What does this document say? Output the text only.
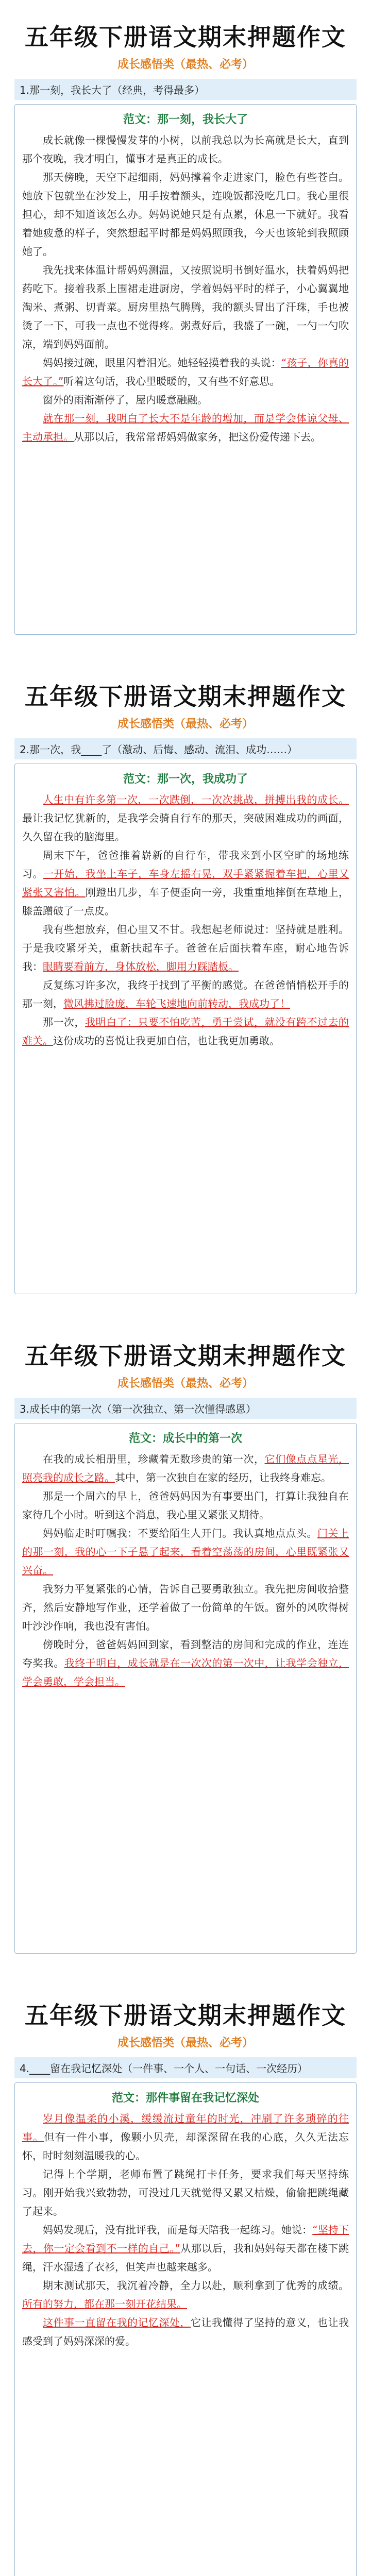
五年级下册语文期末押题作文
成长感悟类（最热、必考）
1.那一刻，我长大了（经典，考得最多）
范文：那一刻，我长大了

成长就像一棵慢慢发芽的小树，以前我总以为长高就是长大，直到那个夜晚，我才明白，懂事才是真正的成长。

那天傍晚，天空下起细雨，妈妈撑着伞走进家门，脸色有些苍白。她放下包就坐在沙发上，用手按着额头，连晚饭都没吃几口。我心里很担心，却不知道该怎么办。妈妈说她只是有点累，休息一下就好。我看着她疲惫的样子，突然想起平时都是妈妈照顾我，今天也该轮到我照顾她了。

我先找来体温计帮妈妈测温，又按照说明书倒好温水，扶着妈妈把药吃下。接着我系上围裙走进厨房，学着妈妈平时的样子，小心翼翼地淘米、煮粥、切青菜。厨房里热气腾腾，我的额头冒出了汗珠，手也被烫了一下，可我一点也不觉得疼。粥煮好后，我盛了一碗，一勺一勺吹凉，端到妈妈面前。

妈妈接过碗，眼里闪着泪光。她轻轻摸着我的头说：“孩子，你真的长大了。”听着这句话，我心里暖暖的，又有些不好意思。

窗外的雨渐渐停了，屋内暖意融融。

就在那一刻，我明白了长大不是年龄的增加，而是学会体谅父母、主动承担。从那以后，我常常帮妈妈做家务，把这份爱传递下去。

五年级下册语文期末押题作文
成长感悟类（最热、必考）
2.那一次，我____了（激动、后悔、感动、流泪、成功……）
范文：那一次，我成功了

人生中有许多第一次，一次跌倒，一次次挑战，拼搏出我的成长。最让我记忆犹新的，是我学会骑自行车的那天，突破困难成功的画面，久久留在我的脑海里。

周末下午，爸爸推着崭新的自行车，带我来到小区空旷的场地练习。一开始，我坐上车子，车身左摇右晃，双手紧紧握着车把，心里又紧张又害怕。刚蹬出几步，车子便歪向一旁，我重重地摔倒在草地上，膝盖蹭破了一点皮。

我有些想放弃，但心里又不甘。我想起老师说过：坚持就是胜利。于是我咬紧牙关，重新扶起车子。爸爸在后面扶着车座，耐心地告诉我：眼睛要看前方，身体放松，脚用力踩踏板。

反复练习许多次，我终于找到了平衡的感觉。在爸爸悄悄松开手的那一刻，微风拂过脸庞，车轮飞速地向前转动，我成功了！

那一次，我明白了：只要不怕吃苦，勇于尝试，就没有跨不过去的难关。这份成功的喜悦让我更加自信，也让我更加勇敢。

五年级下册语文期末押题作文
成长感悟类（最热、必考）
3.成长中的第一次（第一次独立、第一次懂得感恩）
范文：成长中的第一次

在我的成长相册里，珍藏着无数珍贵的第一次，它们像点点星光，照亮我的成长之路。其中，第一次独自在家的经历，让我终身难忘。

那是一个周六的早上，爸爸妈妈因为有事要出门，打算让我独自在家待几个小时。听到这个消息，我心里又紧张又期待。

妈妈临走时叮嘱我：不要给陌生人开门。我认真地点点头。门关上的那一刻，我的心一下子悬了起来，看着空荡荡的房间，心里既紧张又兴奋。

我努力平复紧张的心情，告诉自己要勇敢独立。我先把房间收拾整齐，然后安静地写作业，还学着做了一份简单的午饭。窗外的风吹得树叶沙沙作响，我也没有害怕。

傍晚时分，爸爸妈妈回到家，看到整洁的房间和完成的作业，连连夸奖我。我终于明白，成长就是在一次次的第一次中，让我学会独立，学会勇敢，学会担当。

五年级下册语文期末押题作文
成长感悟类（最热、必考）
4.____留在我记忆深处（一件事、一个人、一句话、一次经历）
范文：那件事留在我记忆深处

岁月像温柔的小溪，缓缓流过童年的时光，冲刷了许多琐碎的往事。但有一件小事，像颗小贝壳，却深深留在我的心底，久久无法忘怀，时时刻刻温暖我的心。

记得上个学期，老师布置了跳绳打卡任务，要求我们每天坚持练习。刚开始我兴致勃勃，可没过几天就觉得又累又枯燥，偷偷把跳绳藏了起来。

妈妈发现后，没有批评我，而是每天陪我一起练习。她说：“坚持下去，你一定会看到不一样的自己。”从那以后，我和妈妈每天都在楼下跳绳，汗水湿透了衣衫，但笑声也越来越多。

期末测试那天，我沉着冷静，全力以赴，顺利拿到了优秀的成绩。所有的努力，都在那一刻开花结果。

这件事一直留在我的记忆深处，它让我懂得了坚持的意义，也让我感受到了妈妈深深的爱。
